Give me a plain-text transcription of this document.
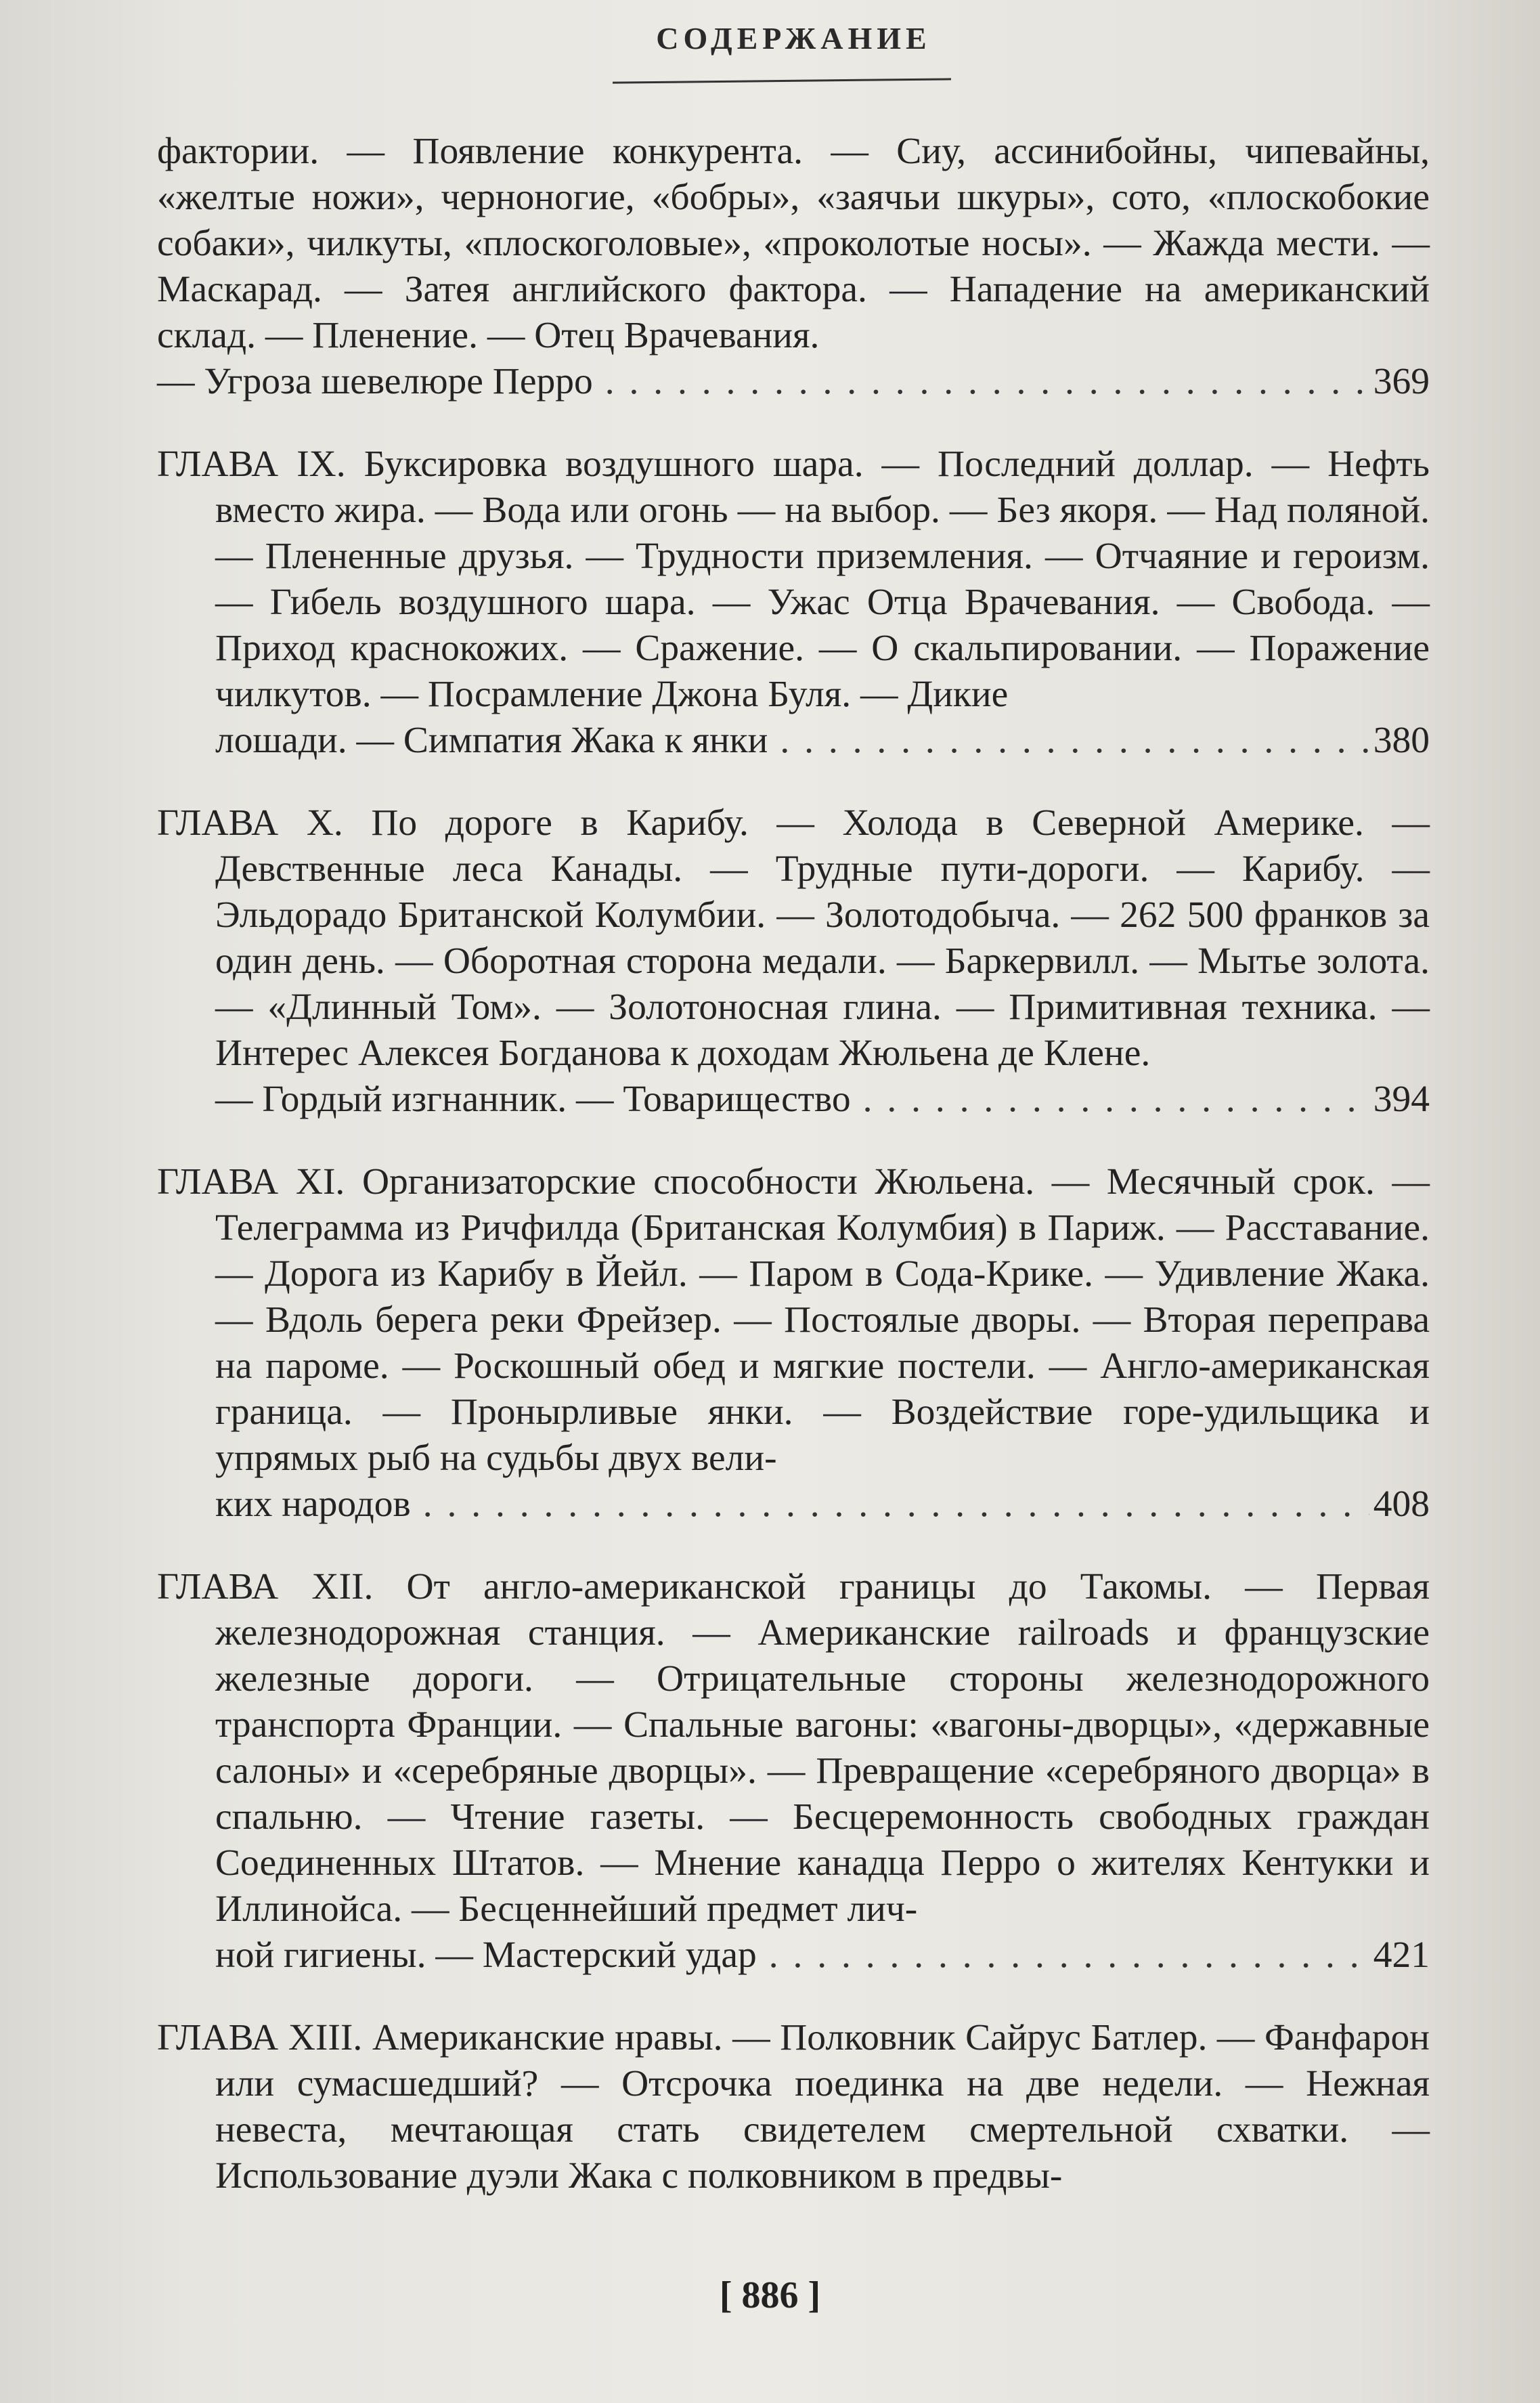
СОДЕРЖАНИЕ
фактории. — Появление конкурента. — Сиу, ассинибойны, чипевайны, «желтые ножи», черноногие, «бобры», «заячьи шкуры», сото, «плоскобокие собаки», чилкуты, «плоскоголовые», «проколотые носы». — Жажда мести. — Маскарад. — Затея английского фактора. — Нападение на американский склад. — Пленение. — Отец Врачевания.
— Угроза шевелюре Перро . . .	369
ГЛАВА IX. Буксировка воздушного шара. — Последний доллар. — Нефть вместо жира. — Вода или огонь — на выбор. — Без якоря. — Над поляной. — Плененные друзья. — Трудности приземления. — Отчаяние и героизм. — Гибель воздушного шара. — Ужас Отца Врачевания. — Свобода. — Приход краснокожих. — Сражение. — О скальпировании. — Поражение чилкутов. — Посрамление Джона Буля. — Дикие
лошади. — Симпатия Жака к янки . . .	380
ГЛАВА X. По дороге в Карибу. — Холода в Северной Америке. — Девственные леса Канады. — Трудные пути-дороги. — Карибу. — Эльдорадо Британской Колумбии. — Золотодобыча. — 262 500 франков за один день. — Оборотная сторона медали. — Баркервилл. — Мытье золота. — «Длинный Том». — Золотоносная глина. — Примитивная техника. — Интерес Алексея Богданова к доходам Жюльена де Клене.
— Гордый изгнанник. — Товарищество . . .	394
ГЛАВА XI. Организаторские способности Жюльена. — Месячный срок. — Телеграмма из Ричфилда (Британская Колумбия) в Париж. — Расставание. — Дорога из Карибу в Йейл. — Паром в Сода-Крике. — Удивление Жака. — Вдоль берега реки Фрейзер. — Постоялые дворы. — Вторая переправа на пароме. — Роскошный обед и мягкие постели. — Англо-американская граница. — Пронырливые янки. — Воздействие горе-удильщика и упрямых рыб на судьбы двух вели-
ких народов . . .	408
ГЛАВА XII. От англо-американской границы до Такомы. — Первая железнодорожная станция. — Американские railroads и французские железные дороги. — Отрицательные стороны железнодорожного транспорта Франции. — Спальные вагоны: «вагоны-дворцы», «державные салоны» и «серебряные дворцы». — Превращение «серебряного дворца» в спальню. — Чтение газеты. — Бесцеремонность свободных граждан Соединенных Штатов. — Мнение канадца Перро о жителях Кентукки и Иллинойса. — Бесценнейший предмет лич-
ной гигиены. — Мастерский удар . . .	421
ГЛАВА XIII. Американские нравы. — Полковник Сайрус Батлер. — Фанфарон или сумасшедший? — Отсрочка поединка на две недели. — Нежная невеста, мечтающая стать свидетелем смертельной схватки. — Использование дуэли Жака с полковником в предвы-
[ 886 ]
